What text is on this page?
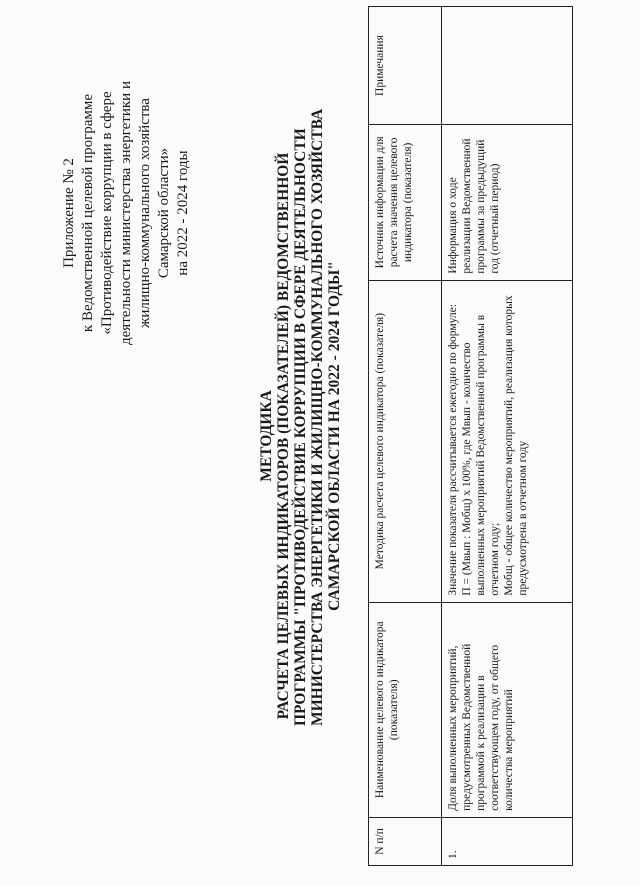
Приложение № 2 к Ведомственной целевой программе «Противодействие коррупции в сфере деятельности министерства энергетики и жилищно-коммунального хозяйства Самарской области» на 2022 - 2024 годы
МЕТОДИКА РАСЧЕТА ЦЕЛЕВЫХ ИНДИКАТОРОВ (ПОКАЗАТЕЛЕЙ) ВЕДОМСТВЕННОЙ ПРОГРАММЫ "ПРОТИВОДЕЙСТВИЕ КОРРУПЦИИ В СФЕРЕ ДЕЯТЕЛЬНОСТИ МИНИСТЕРСТВА ЭНЕРГЕТИКИ И ЖИЛИЩНО-КОММУНАЛЬНОГО ХОЗЯЙСТВА САМАРСКОЙ ОБЛАСТИ НА 2022 - 2024 ГОДЫ"
N п/п	Наименование целевого индикатора (показателя)	Методика расчета целевого индикатора (показателя)	Источник информации для расчета значения целевого индикатора (показателя)	Примечания
1.	Доля выполненных мероприятий, предусмотренных Ведомственной программой к реализации в соответствующем году, от общего количества мероприятий	Значение показателя рассчитывается ежегодно по формуле: П = (Мвып : Мобщ) x 100%, где Мвып - количество выполненных мероприятий Ведомственной программы в отчетном году; Мобщ - общее количество мероприятий, реализация которых предусмотрена в отчетном году	Информация о ходе реализации Ведомственной программы за предыдущий год (отчетный период)	
